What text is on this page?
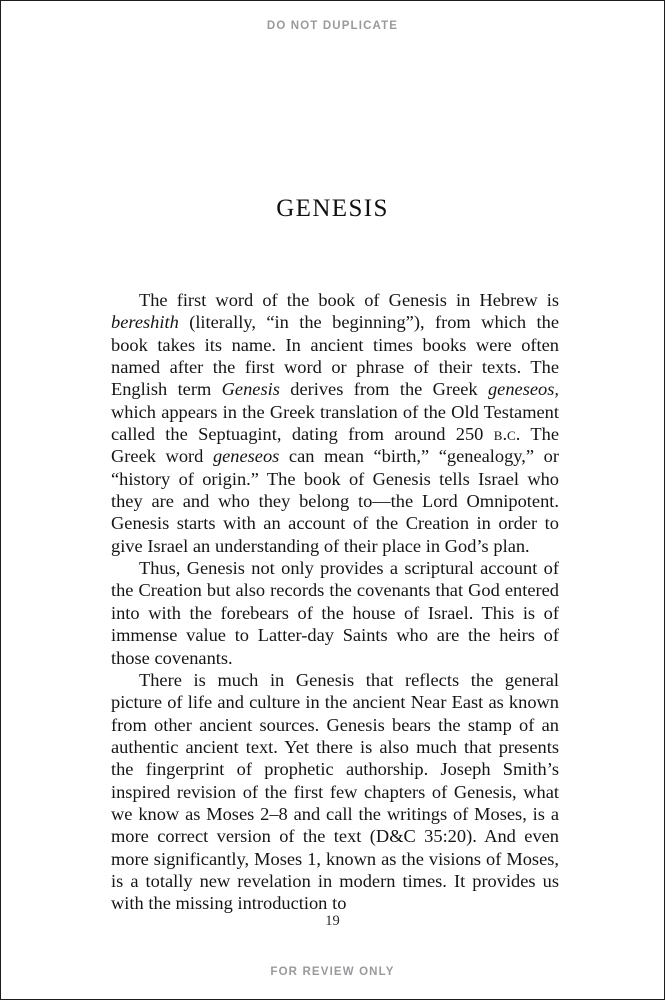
DO NOT DUPLICATE
genesis

The first word of the book of Genesis in Hebrew is bereshith (literally, “in the beginning”), from which the book takes its name. In ancient times books were often named after the first word or phrase of their texts. The English term Genesis derives from the Greek geneseos, which appears in the Greek translation of the Old Testament called the Septuagint, dating from around 250 b.c. The Greek word geneseos can mean “birth,” “genealogy,” or “history of origin.” The book of Genesis tells Israel who they are and who they belong to—the Lord Omnipotent. Genesis starts with an account of the Creation in order to give Israel an understanding of their place in God’s plan.

Thus, Genesis not only provides a scriptural account of the Creation but also records the covenants that God entered into with the forebears of the house of Israel. This is of immense value to Latter-day Saints who are the heirs of those covenants.

There is much in Genesis that reflects the general picture of life and culture in the ancient Near East as known from other ancient sources. Genesis bears the stamp of an authentic ancient text. Yet there is also much that presents the fingerprint of prophetic authorship. Joseph Smith’s inspired revision of the first few chapters of Genesis, what we know as Moses 2–8 and call the writings of Moses, is a more correct version of the text (D&C 35:20). And even more significantly, Moses 1, known as the visions of Moses, is a totally new revelation in modern times. It provides us with the missing introduction to

19
FOR REVIEW ONLY
